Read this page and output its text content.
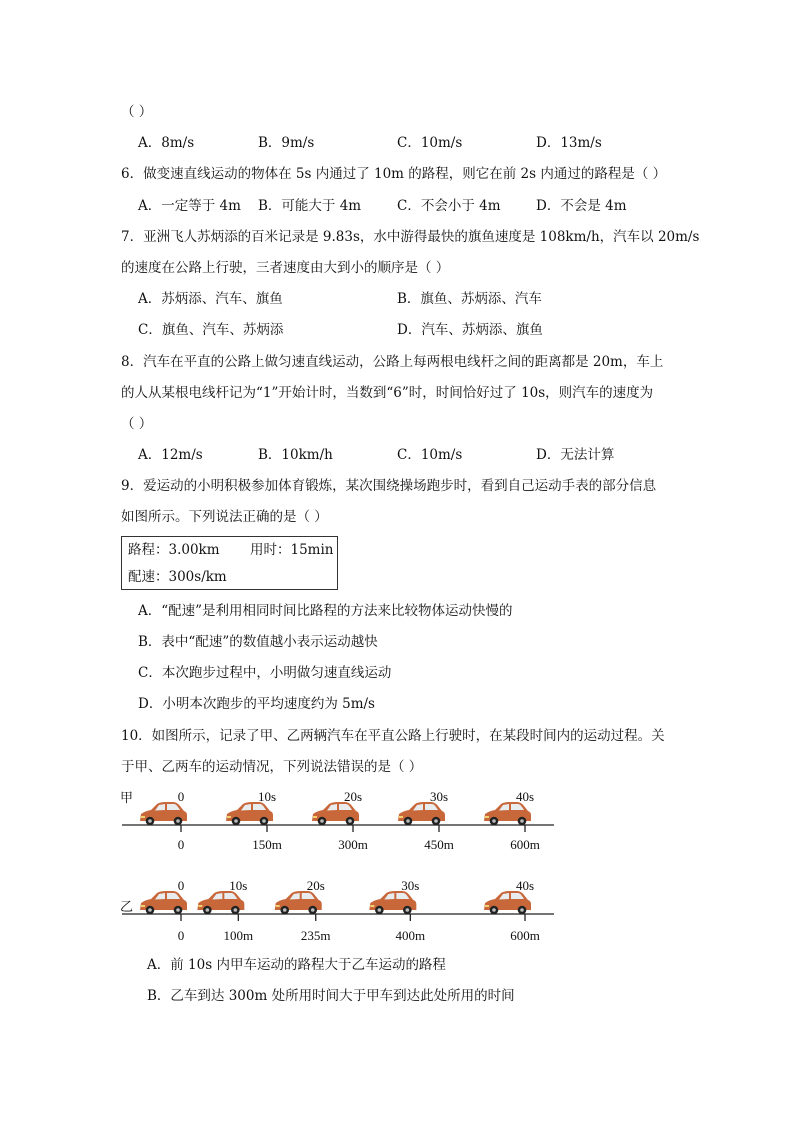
（ ）
A．8m/s	B．9m/s	C．10m/s	D．13m/s
6．做变速直线运动的物体在 5s 内通过了 10m 的路程，则它在前 2s 内通过的路程是（ ）
A．一定等于 4m B．可能大于 4m	C．不会小于 4m	D．不会是 4m
7．亚洲飞人苏炳添的百米记录是 9.83s，水中游得最快的旗鱼速度是 108km/h，汽车以 20m/s
的速度在公路上行驶，三者速度由大到小的顺序是（ ）
A．苏炳添、汽车、旗鱼	B．旗鱼、苏炳添、汽车
C．旗鱼、汽车、苏炳添	D．汽车、苏炳添、旗鱼
8．汽车在平直的公路上做匀速直线运动，公路上每两根电线杆之间的距离都是 20m，车上
的人从某根电线杆记为“1”开始计时，当数到“6”时，时间恰好过了 10s，则汽车的速度为
（ ）
A．12m/s	B．10km/h	C．10m/s	D．无法计算
9．爱运动的小明积极参加体育锻炼，某次围绕操场跑步时，看到自己运动手表的部分信息
如图所示。下列说法正确的是（ ）
路程：3.00km 用时：15min
配速：300s/km
A．“配速”是利用相同时间比路程的方法来比较物体运动快慢的
B．表中“配速”的数值越小表示运动越快
C．本次跑步过程中，小明做匀速直线运动
D．小明本次跑步的平均速度约为 5m/s
10．如图所示，记录了甲、乙两辆汽车在平直公路上行驶时，在某段时间内的运动过程。关
于甲、乙两车的运动情况，下列说法错误的是（ ）
甲	0	10s	20s	30s	40s
0	150m	300m	450m	600m
乙
0	10s	20s	30s	40s
0	100m	235m	400m	600m
A．前 10s 内甲车运动的路程大于乙车运动的路程
B．乙车到达 300m 处所用时间大于甲车到达此处所用的时间
